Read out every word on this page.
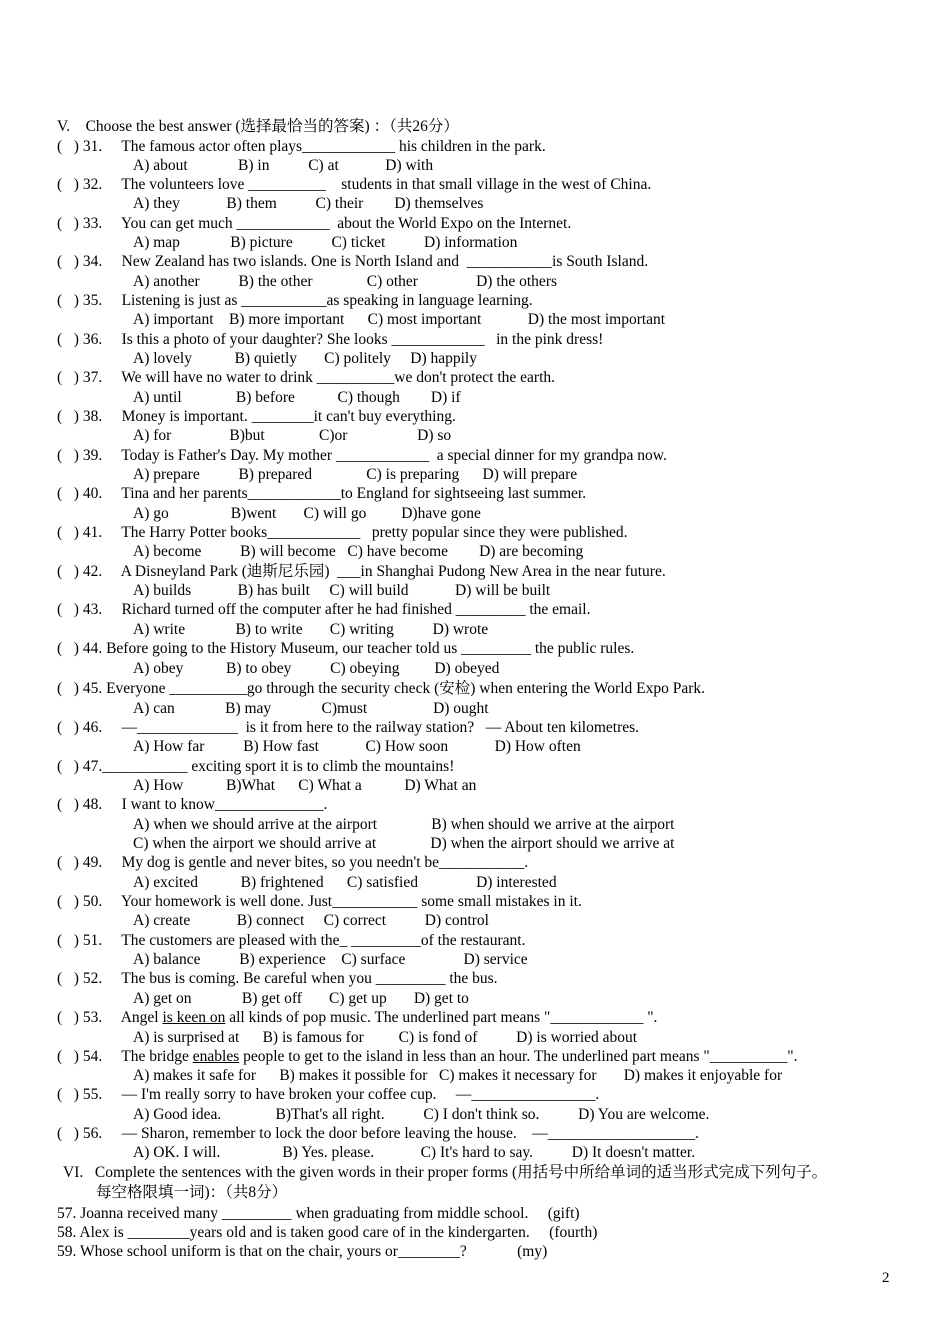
V.    Choose the best answer (选择最恰当的答案) ：（共26分）
(   ) 31.     The famous actor often plays____________ his children in the park.
A) about             B) in          C) at            D) with
(   ) 32.     The volunteers love __________    students in that small village in the west of China.
A) they            B) them          C) their        D) themselves
(   ) 33.     You can get much ____________  about the World Expo on the Internet.
A) map             B) picture          C) ticket          D) information
(   ) 34.     New Zealand has two islands. One is North Island and  ___________is South Island.
A) another          B) the other              C) other               D) the others
(   ) 35.     Listening is just as ___________as speaking in language learning.
A) important    B) more important      C) most important            D) the most important
(   ) 36.     Is this a photo of your daughter? She looks ____________   in the pink dress!
A) lovely           B) quietly       C) politely     D) happily
(   ) 37.     We will have no water to drink __________we don't protect the earth.
A) until              B) before           C) though        D) if
(   ) 38.     Money is important. ________it can't buy everything.
A) for               B)but              C)or                  D) so
(   ) 39.     Today is Father's Day. My mother ____________  a special dinner for my grandpa now.
A) prepare          B) prepared              C) is preparing      D) will prepare
(   ) 40.     Tina and her parents____________to England for sightseeing last summer.
A) go                B)went       C) will go         D)have gone
(   ) 41.     The Harry Potter books____________   pretty popular since they were published.
A) become          B) will become   C) have become        D) are becoming
(   ) 42.     A Disneyland Park (迪斯尼乐园)  ___in Shanghai Pudong New Area in the near future.
A) builds            B) has built     C) will build            D) will be built
(   ) 43.     Richard turned off the computer after he had finished _________ the email.
A) write             B) to write       C) writing          D) wrote
(   ) 44. Before going to the History Museum, our teacher told us _________ the public rules.
A) obey           B) to obey          C) obeying         D) obeyed
(   ) 45. Everyone __________go through the security check (安检) when entering the World Expo Park.
A) can             B) may             C)must                 D) ought
(   ) 46.     —_____________  is it from here to the railway station?   — About ten kilometres.
A) How far          B) How fast            C) How soon            D) How often
(   ) 47.___________ exciting sport it is to climb the mountains!
A) How           B)What      C) What a           D) What an
(   ) 48.     I want to know______________.
A) when we should arrive at the airport              B) when should we arrive at the airport
C) when the airport we should arrive at              D) when the airport should we arrive at
(   ) 49.     My dog is gentle and never bites, so you needn't be___________.
A) excited           B) frightened      C) satisfied               D) interested
(   ) 50.     Your homework is well done. Just___________ some small mistakes in it.
A) create            B) connect     C) correct          D) control
(   ) 51.     The customers are pleased with the_ _________of the restaurant.
A) balance          B) experience    C) surface               D) service
(   ) 52.     The bus is coming. Be careful when you _________ the bus.
A) get on             B) get off       C) get up       D) get to
(   ) 53.     Angel is keen on all kinds of pop music. The underlined part means "____________ ".
A) is surprised at      B) is famous for         C) is fond of          D) is worried about
(   ) 54.     The bridge enables people to get to the island in less than an hour. The underlined part means "__________".
A) makes it safe for      B) makes it possible for   C) makes it necessary for       D) makes it enjoyable for
(   ) 55.     — I'm really sorry to have broken your coffee cup.     —________________.
A) Good idea.              B)That's all right.          C) I don't think so.          D) You are welcome.
(   ) 56.     — Sharon, remember to lock the door before leaving the house.    —___________________.
A) OK. I will.                B) Yes. please.            C) It's hard to say.          D) It doesn't matter.
VI.   Complete the sentences with the given words in their proper forms (用括号中所给单词的适当形式完成下列句子。
每空格限填一词)：（共8分）
57. Joanna received many _________ when graduating from middle school.     (gift)
58. Alex is ________years old and is taken good care of in the kindergarten.     (fourth)
59. Whose school uniform is that on the chair, yours or________?             (my)
2
